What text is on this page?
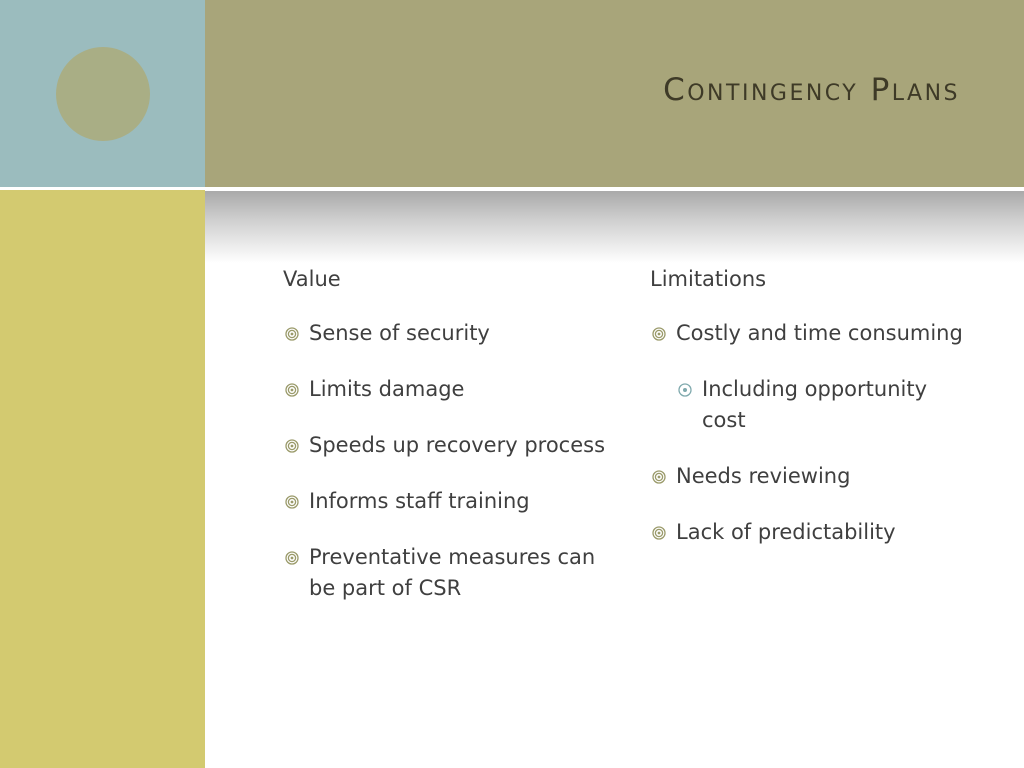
Contingency Plans
Value
Sense of security
Limits damage
Speeds up recovery process
Informs staff training
Preventative measures can be part of CSR
Limitations
Costly and time consuming
Including opportunity cost
Needs reviewing
Lack of predictability
